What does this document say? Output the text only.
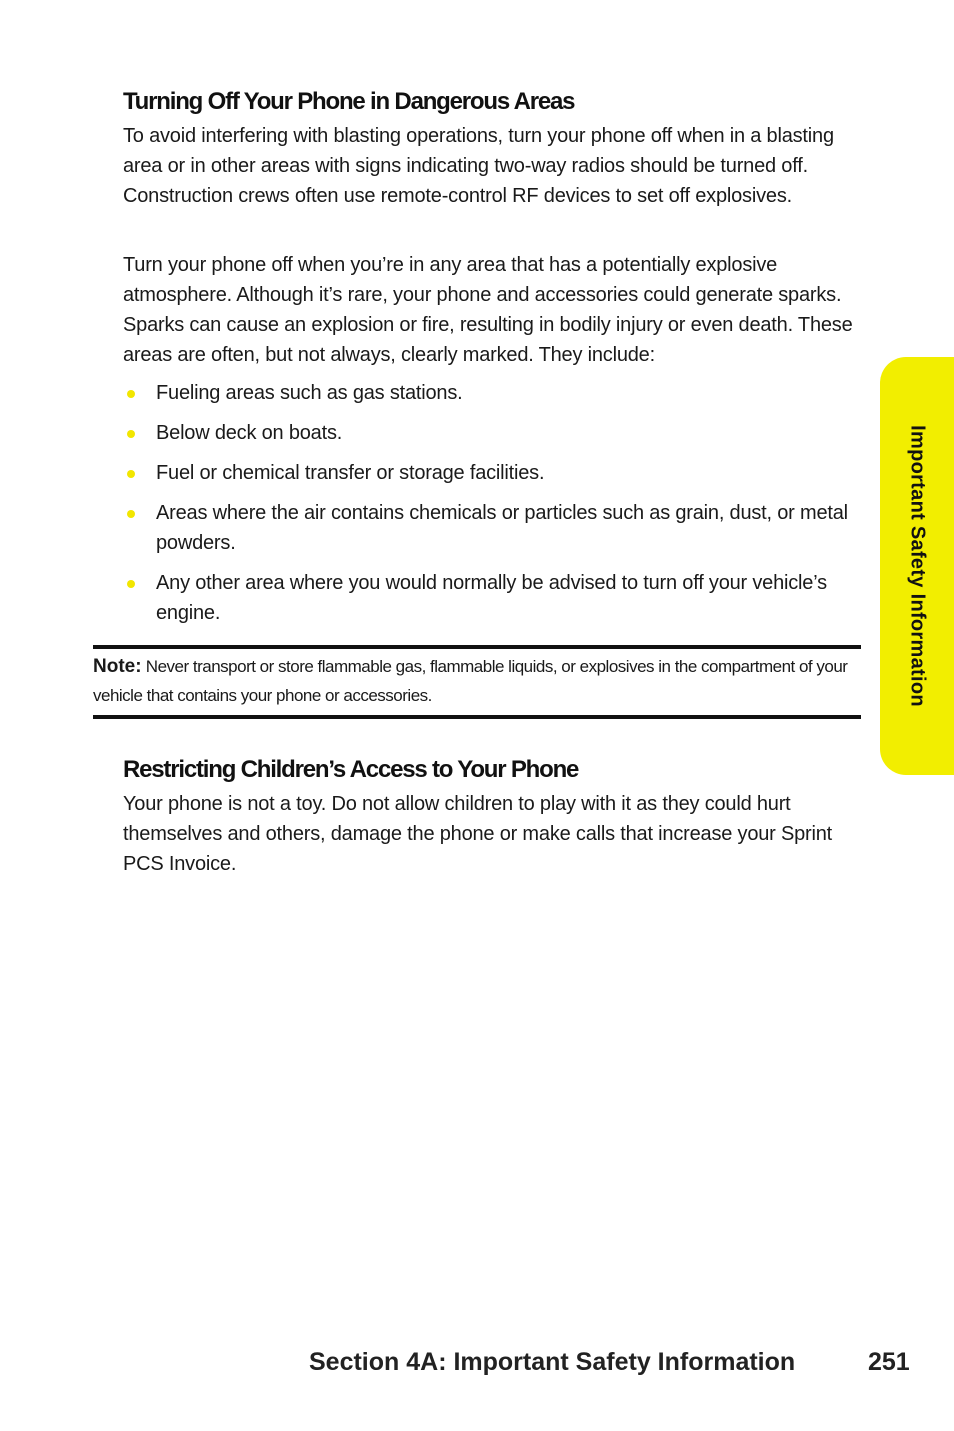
Turning Off Your Phone in Dangerous Areas

To avoid interfering with blasting operations, turn your phone off when in a blasting area or in other areas with signs indicating two-way radios should be turned off. Construction crews often use remote-control RF devices to set off explosives.

Turn your phone off when you’re in any area that has a potentially explosive atmosphere. Although it’s rare, your phone and accessories could generate sparks. Sparks can cause an explosion or fire, resulting in bodily injury or even death. These areas are often, but not always, clearly marked. They include:

Fueling areas such as gas stations.
Below deck on boats.
Fuel or chemical transfer or storage facilities.
Areas where the air contains chemicals or particles such as grain, dust, or metal powders.
Any other area where you would normally be advised to turn off your vehicle’s engine.

Note: Never transport or store flammable gas, flammable liquids, or explosives in the compartment of your vehicle that contains your phone or accessories.

Restricting Children’s Access to Your Phone

Your phone is not a toy. Do not allow children to play with it as they could hurt themselves and others, damage the phone or make calls that increase your Sprint PCS Invoice.

Important Safety Information

Section 4A: Important Safety Information	251
